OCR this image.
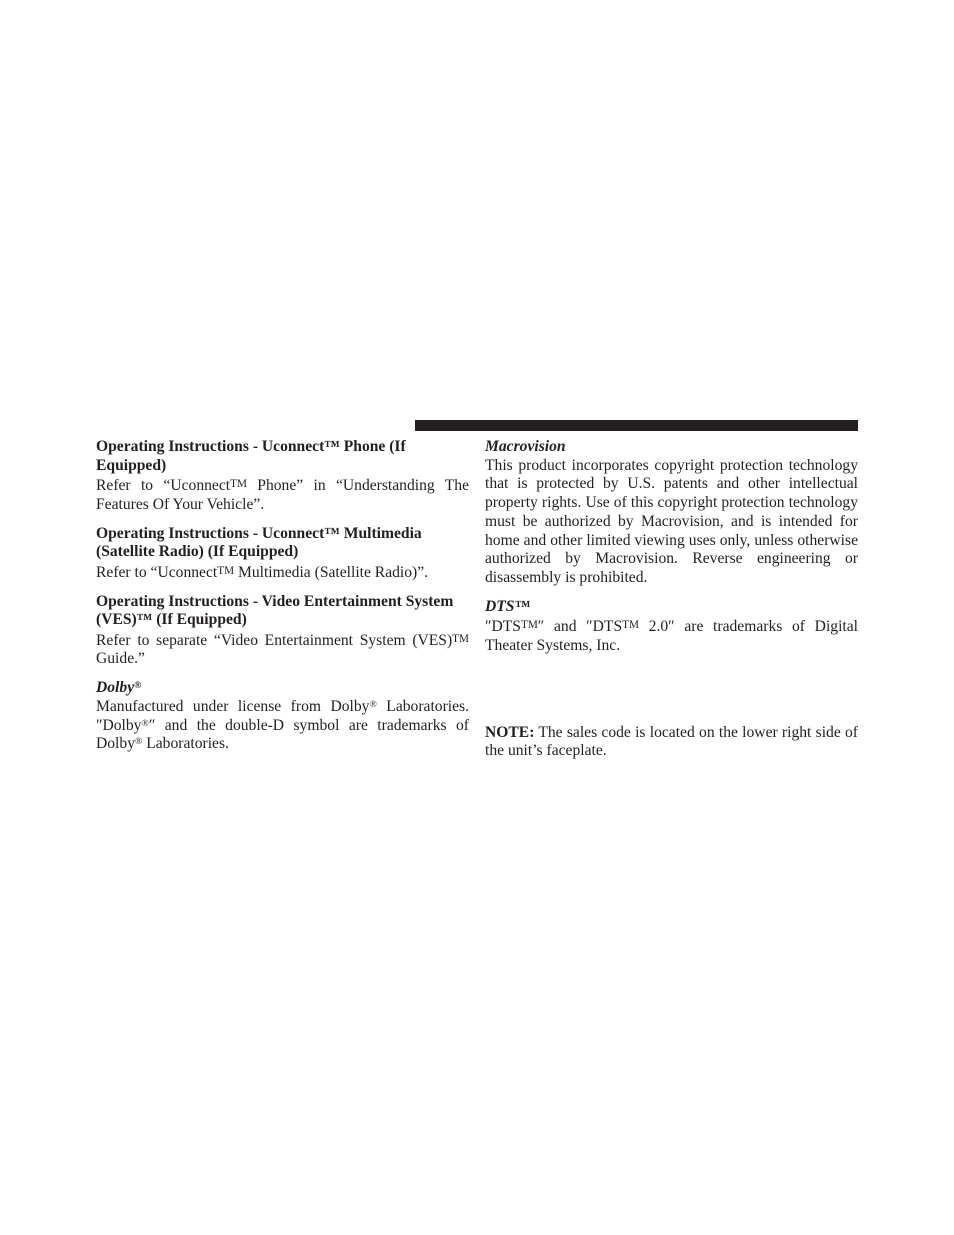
Operating Instructions - Uconnect™ Phone (If Equipped)

Refer to “UconnectTM Phone” in “Understanding The Features Of Your Vehicle”.

Operating Instructions - Uconnect™ Multimedia (Satellite Radio) (If Equipped)

Refer to “UconnectTM Multimedia (Satellite Radio)”.

Operating Instructions - Video Entertainment System (VES)™ (If Equipped)

Refer to separate “Video Entertainment System (VES)TM Guide.”

Dolby®

Manufactured under license from Dolby® Laboratories. ″Dolby®″ and the double-D symbol are trademarks of Dolby® Laboratories.

Macrovision

This product incorporates copyright protection technology that is protected by U.S. patents and other intellectual property rights. Use of this copyright protection technology must be authorized by Macrovision, and is intended for home and other limited viewing uses only, unless otherwise authorized by Macrovision. Reverse engineering or disassembly is prohibited.

DTS™

″DTSTM″ and ″DTSTM 2.0″ are trademarks of Digital Theater Systems, Inc.

NOTE: The sales code is located on the lower right side of the unit’s faceplate.
